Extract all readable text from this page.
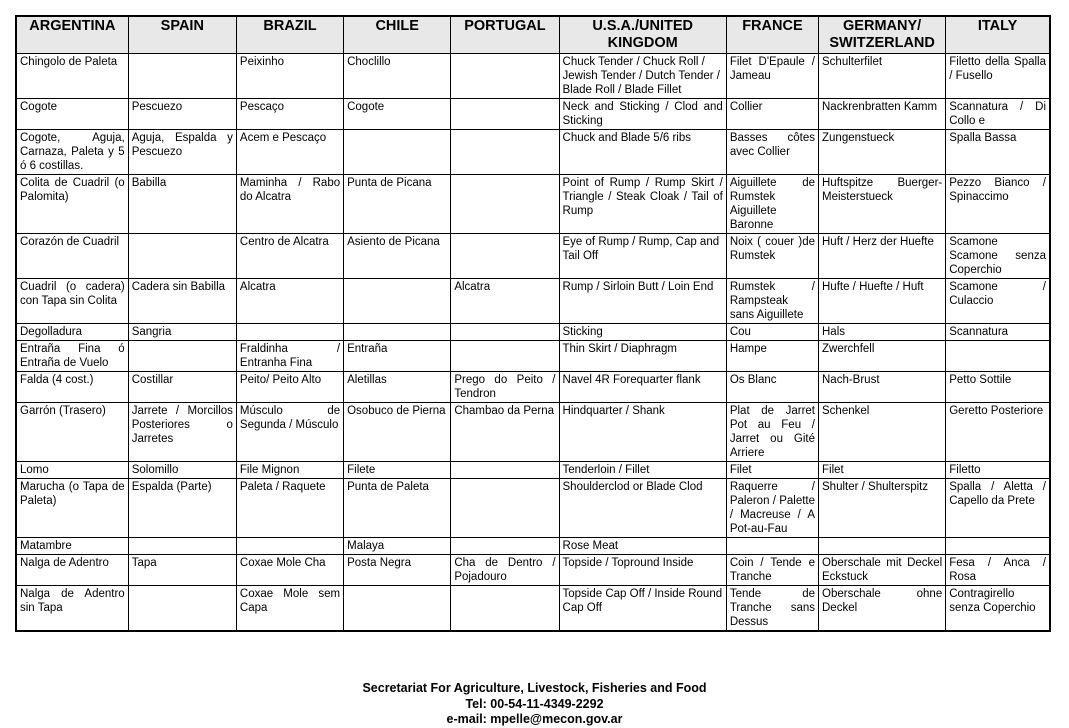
ARGENTINA	SPAIN	BRAZIL	CHILE	PORTUGAL	U.S.A./UNITED KINGDOM	FRANCE	GERMANY/ SWITZERLAND	ITALY
Chingolo de Paleta		Peixinho	Choclillo		Chuck Tender / Chuck Roll / Jewish Tender / Dutch Tender / Blade Roll / Blade Fillet	Filet D'Epaule / Jameau	Schulterfilet	Filetto della Spalla / Fusello
Cogote	Pescuezo	Pescaço	Cogote		Neck and Sticking / Clod and Sticking	Collier	Nackrenbratten Kamm	Scannatura / Di Collo e
Cogote, Aguja, Carnaza, Paleta y 5 ó 6 costillas.	Aguja, Espalda y Pescuezo	Acem e Pescaço			Chuck and Blade 5/6 ribs	Basses côtes avec Collier	Zungenstueck	Spalla Bassa
Colita de Cuadril (o Palomita)	Babilla	Maminha / Rabo do Alcatra	Punta de Picana		Point of Rump / Rump Skirt / Triangle / Steak Cloak / Tail of Rump	Aiguillete de Rumstek Aiguillete Baronne	Huftspitze Buerger-Meisterstueck	Pezzo Bianco / Spinaccimo
Corazón de Cuadril		Centro de Alcatra	Asiento de Picana		Eye of Rump / Rump, Cap and Tail Off	Noix ( couer )de Rumstek	Huft / Herz der Huefte	Scamone Scamone senza Coperchio
Cuadril (o cadera) con Tapa sin Colita	Cadera sin Babilla	Alcatra		Alcatra	Rump / Sirloin Butt / Loin End	Rumstek / Rampsteak sans Aiguillete	Hufte / Huefte / Huft	Scamone / Culaccio
Degolladura	Sangria				Sticking	Cou	Hals	Scannatura
Entraña Fina ó Entraña de Vuelo		Fraldinha / Entranha Fina	Entraña		Thin Skirt / Diaphragm	Hampe	Zwerchfell	
Falda (4 cost.)	Costillar	Peito/ Peito Alto	Aletillas	Prego do Peito / Tendron	Navel 4R Forequarter flank	Os Blanc	Nach-Brust	Petto Sottile
Garrón (Trasero)	Jarrete / Morcillos Posteriores o Jarretes	Músculo de Segunda / Músculo	Osobuco de Pierna	Chambao da Perna	Hindquarter / Shank	Plat de Jarret Pot au Feu / Jarret ou Gité Arriere	Schenkel	Geretto Posteriore
Lomo	Solomillo	File Mignon	Filete		Tenderloin / Fillet	Filet	Filet	Filetto
Marucha (o Tapa de Paleta)	Espalda (Parte)	Paleta / Raquete	Punta de Paleta		Shoulderclod or Blade Clod	Raquerre / Paleron / Palette / Macreuse / A Pot-au-Fau	Shulter / Shulterspitz	Spalla / Aletta / Capello da Prete
Matambre			Malaya		Rose Meat			
Nalga de Adentro	Tapa	Coxae Mole Cha	Posta Negra	Cha de Dentro / Pojadouro	Topside / Topround Inside	Coin / Tende e Tranche	Oberschale mit Deckel Eckstuck	Fesa / Anca / Rosa
Nalga de Adentro sin Tapa		Coxae Mole sem Capa			Topside Cap Off / Inside Round Cap Off	Tende de Tranche sans Dessus	Oberschale ohne Deckel	Contragirello senza Coperchio
Secretariat For Agriculture, Livestock, Fisheries and Food
Tel: 00-54-11-4349-2292
e-mail: mpelle@mecon.gov.ar
